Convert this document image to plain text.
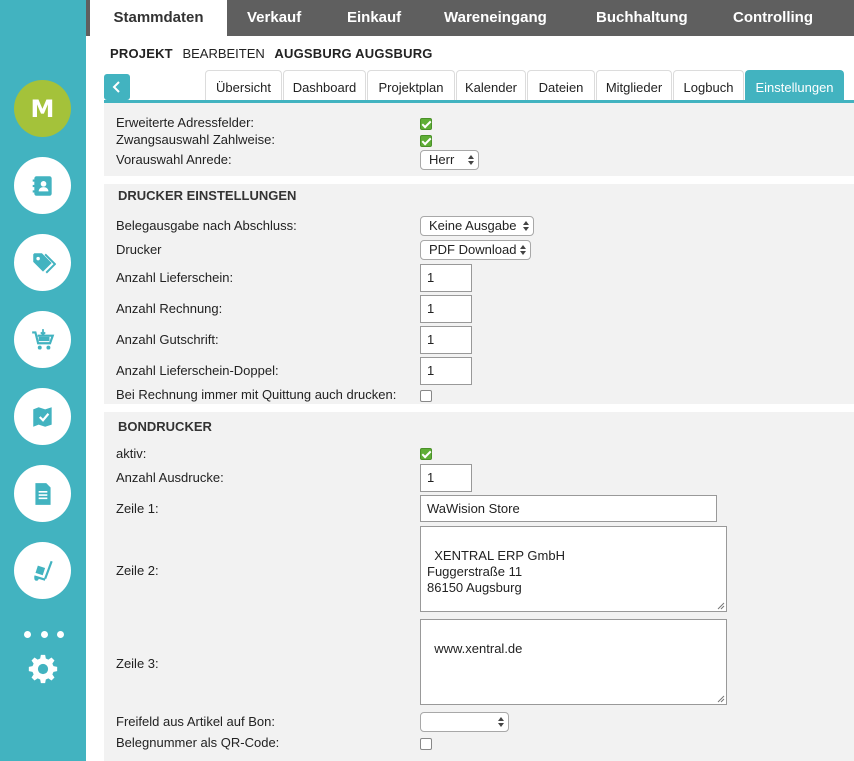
M
Stammdaten	Verkauf	Einkauf	Wareneingang	Buchhaltung	Controlling
PROJEKT BEARBEITEN AUGSBURG AUGSBURG
Übersicht	Dashboard	Projektplan	Kalender	Dateien	Mitglieder	Logbuch	Einstellungen
Erweiterte Adressfelder:
Zwangsauswahl Zahlweise:
Vorauswahl Anrede:	Herr
DRUCKER EINSTELLUNGEN
Belegausgabe nach Abschluss:	Keine Ausgabe
Drucker	PDF Download
Anzahl Lieferschein:	1
Anzahl Rechnung:	1
Anzahl Gutschrift:	1
Anzahl Lieferschein-Doppel:	1
Bei Rechnung immer mit Quittung auch drucken:
BONDRUCKER
aktiv:
Anzahl Ausdrucke:	1
Zeile 1:	WaWision Store
Zeile 2:

XENTRAL ERP GmbH
Fuggerstraße 11
86150 Augsburg

Zeile 3:

www.xentral.de

Freifeld aus Artikel auf Bon:
Belegnummer als QR-Code:
